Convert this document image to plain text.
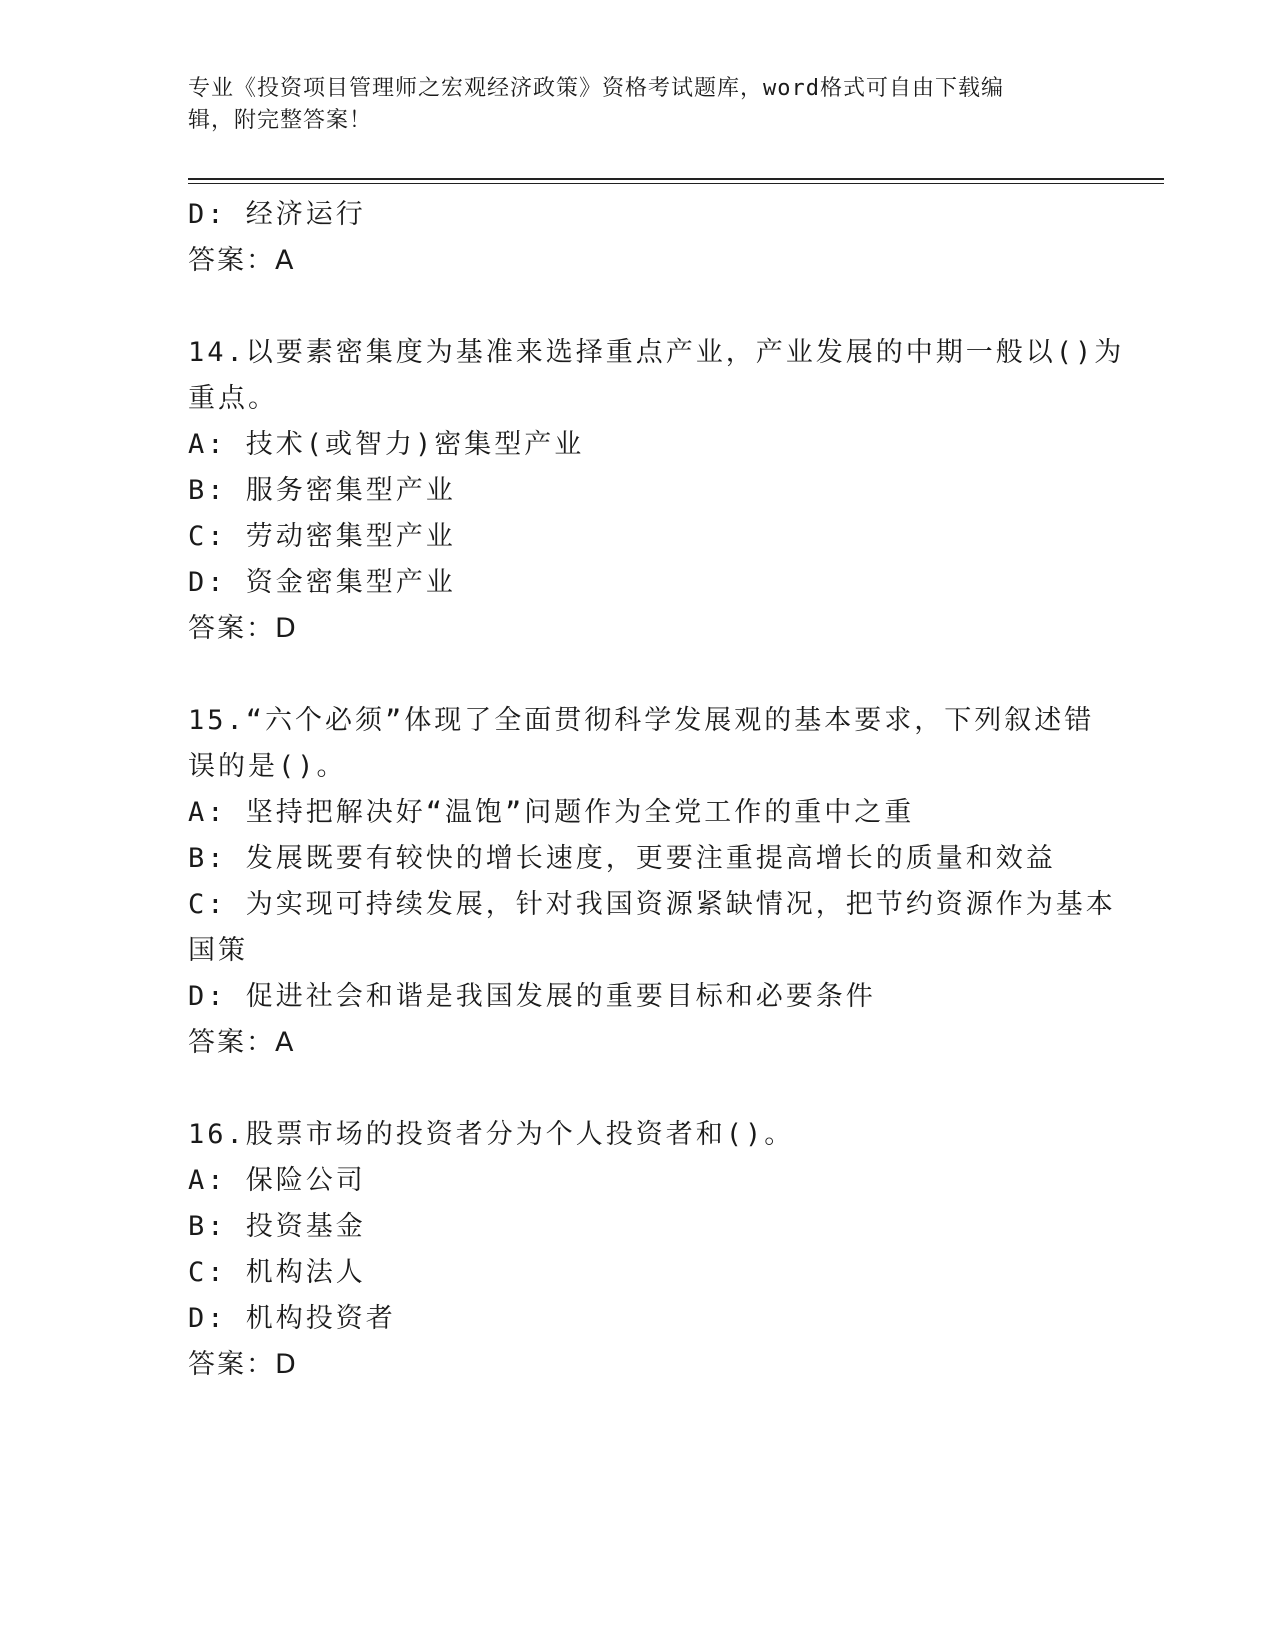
专业《投资项目管理师之宏观经济政策》资格考试题库，word格式可自由下载编
辑，附完整答案！
D: 经济运行
答案：A
14.以要素密集度为基准来选择重点产业，产业发展的中期一般以()为
重点。
A: 技术(或智力)密集型产业
B: 服务密集型产业
C: 劳动密集型产业
D: 资金密集型产业
答案：D
15.“六个必须”体现了全面贯彻科学发展观的基本要求，下列叙述错
误的是()。
A: 坚持把解决好“温饱”问题作为全党工作的重中之重
B: 发展既要有较快的增长速度，更要注重提高增长的质量和效益
C: 为实现可持续发展，针对我国资源紧缺情况，把节约资源作为基本
国策
D: 促进社会和谐是我国发展的重要目标和必要条件
答案：A
16.股票市场的投资者分为个人投资者和()。
A: 保险公司
B: 投资基金
C: 机构法人
D: 机构投资者
答案：D
